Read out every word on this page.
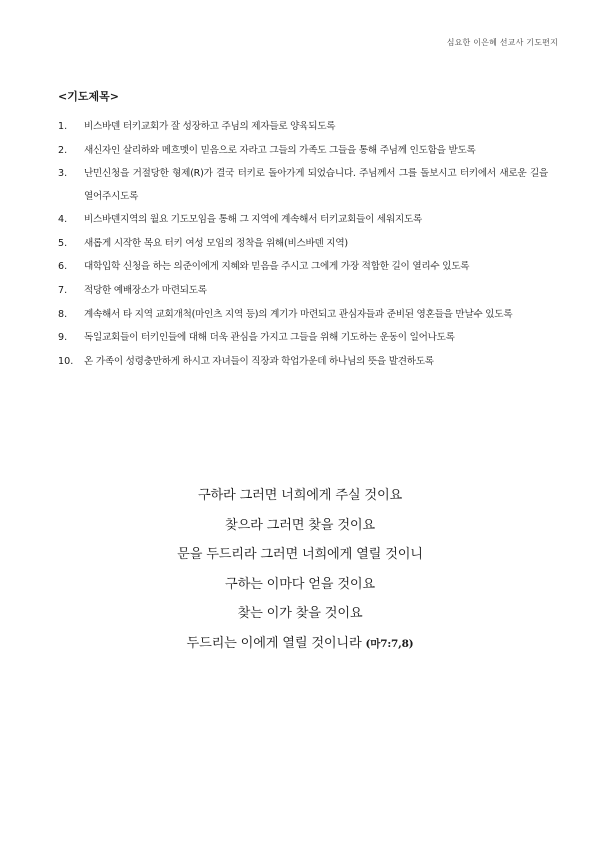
심요한 이은혜 선교사 기도편지
<기도제목>
1.	비스바덴 터키교회가 잘 성장하고 주님의 제자들로 양육되도록
2.	새신자인 살리하와 메흐멧이 믿음으로 자라고 그들의 가족도 그들을 통해 주님께 인도함을 받도록
3.	난민신청을 거절당한 형제(R)가 결국 터키로 돌아가게 되었습니다. 주님께서 그를 돌보시고 터키에서 새로운 길을 열어주시도록
4.	비스바덴지역의 월요 기도모임을 통해 그 지역에 계속해서 터키교회들이 세워지도록
5.	새롭게 시작한 목요 터키 여성 모임의 정착을 위해(비스바덴 지역)
6.	대학입학 신청을 하는 의준이에게 지혜와 믿음을 주시고 그에게 가장 적합한 길이 열리수 있도록
7.	적당한 예배장소가 마련되도록
8.	계속해서 타 지역 교회개척(마인츠 지역 등)의 계기가 마련되고 관심자들과 준비된 영혼들을 만날수 있도록
9.	독일교회들이 터키인들에 대해 더욱 관심을 가지고 그들을 위해 기도하는 운동이 일어나도록
10.	온 가족이 성령충만하게 하시고 자녀들이 직장과 학업가운데 하나님의 뜻을 발견하도록
구하라 그러면 너희에게 주실 것이요
찾으라 그러면 찾을 것이요
문을 두드리라 그러면 너희에게 열릴 것이니
구하는 이마다 얻을 것이요
찾는 이가 찾을 것이요
두드리는 이에게 열릴 것이니라 (마7:7,8)
